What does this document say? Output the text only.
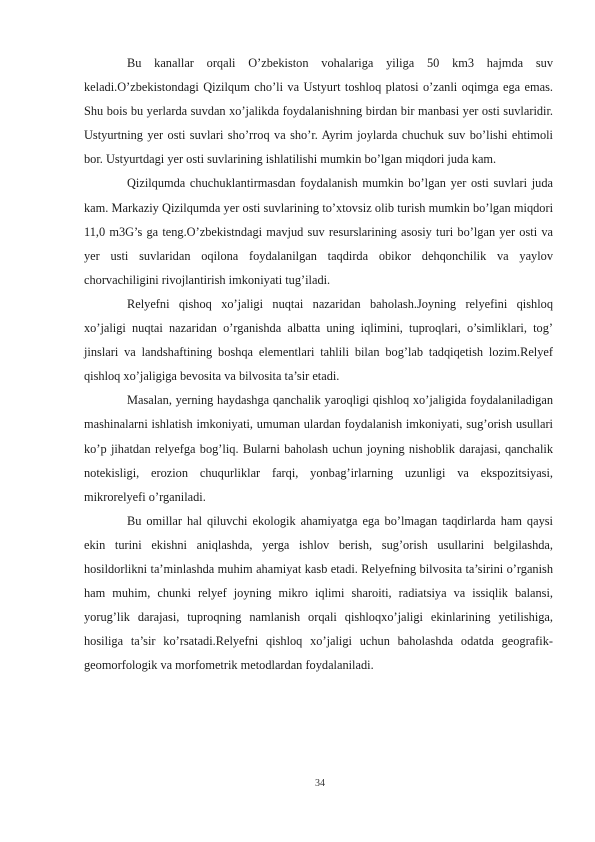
Bu kanallar orqali O’zbekiston vohalariga yiliga 50 km3 hajmda suv keladi.O’zbekistondagi Qizilqum cho’li va Ustyurt toshloq platosi o’zanli oqimga ega emas. Shu bois bu yerlarda suvdan xo’jalikda foydalanishning birdan bir manbasi yer osti suvlaridir. Ustyurtning yer osti suvlari sho’rroq va sho’r. Ayrim joylarda chuchuk suv bo’lishi ehtimoli bor. Ustyurtdagi yer osti suvlarining ishlatilishi mumkin bo’lgan miqdori juda kam.

Qizilqumda chuchuklantirmasdan foydalanish mumkin bo’lgan yer osti suvlari juda kam. Markaziy Qizilqumda yer osti suvlarining to’xtovsiz olib turish mumkin bo’lgan miqdori 11,0 m3G’s ga teng.O’zbekistndagi mavjud suv resurslarining asosiy turi bo’lgan yer osti va yer usti suvlaridan oqilona foydalanilgan taqdirda obikor dehqonchilik va yaylov chorvachiligini rivojlantirish imkoniyati tug’iladi.

Relyefni qishoq xo’jaligi nuqtai nazaridan baholash.Joyning relyefini qishloq xo’jaligi nuqtai nazaridan o’rganishda albatta uning iqlimini, tuproqlari, o’simliklari, tog’ jinslari va landshaftining boshqa elementlari tahlili bilan bog’lab tadqiqetish lozim.Relyef qishloq xo’jaligiga bevosita va bilvosita ta’sir etadi.

Masalan, yerning haydashga qanchalik yaroqligi qishloq xo’jaligida foydalaniladigan mashinalarni ishlatish imkoniyati, umuman ulardan foydalanish imkoniyati, sug’orish usullari ko’p jihatdan relyefga bog’liq. Bularni baholash uchun joyning nishoblik darajasi, qanchalik notekisligi, erozion chuqurliklar farqi, yonbag’irlarning uzunligi va ekspozitsiyasi, mikrorelyefi o’rganiladi.

Bu omillar hal qiluvchi ekologik ahamiyatga ega bo’lmagan taqdirlarda ham qaysi ekin turini ekishni aniqlashda, yerga ishlov berish, sug’orish usullarini belgilashda, hosildorlikni ta’minlashda muhim ahamiyat kasb etadi. Relyefning bilvosita ta’sirini o’rganish ham muhim, chunki relyef joyning mikro iqlimi sharoiti, radiatsiya va issiqlik balansi, yorug’lik darajasi, tuproqning namlanish orqali qishloqxo’jaligi ekinlarining yetilishiga, hosiliga ta’sir ko’rsatadi.Relyefni qishloq xo’jaligi uchun baholashda odatda geografik-geomorfologik va morfometrik metodlardan foydalaniladi.

34
